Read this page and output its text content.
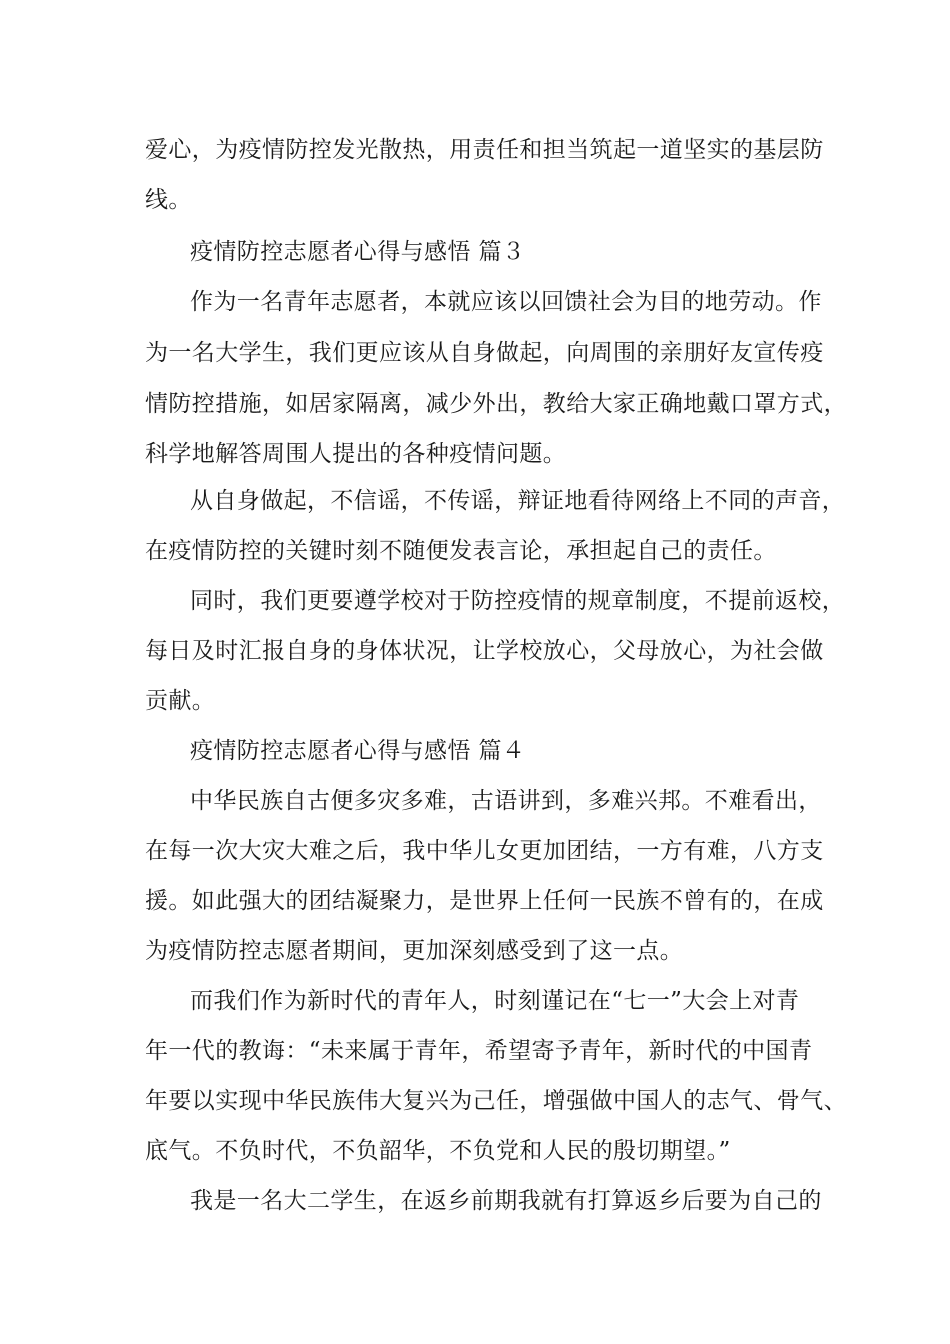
爱心，为疫情防控发光散热，用责任和担当筑起一道坚实的基层防
线。
疫情防控志愿者心得与感悟 篇３
作为一名青年志愿者，本就应该以回馈社会为目的地劳动。作
为一名大学生，我们更应该从自身做起，向周围的亲朋好友宣传疫
情防控措施，如居家隔离，减少外出，教给大家正确地戴口罩方式，
科学地解答周围人提出的各种疫情问题。
从自身做起，不信谣，不传谣，辩证地看待网络上不同的声音，
在疫情防控的关键时刻不随便发表言论，承担起自己的责任。
同时，我们更要遵学校对于防控疫情的规章制度，不提前返校，
每日及时汇报自身的身体状况，让学校放心，父母放心，为社会做
贡献。
疫情防控志愿者心得与感悟 篇４
中华民族自古便多灾多难，古语讲到，多难兴邦。不难看出，
在每一次大灾大难之后，我中华儿女更加团结，一方有难，八方支
援。如此强大的团结凝聚力，是世界上任何一民族不曾有的，在成
为疫情防控志愿者期间，更加深刻感受到了这一点。
而我们作为新时代的青年人，时刻谨记在“七一”大会上对青
年一代的教诲：“未来属于青年，希望寄予青年，新时代的中国青
年要以实现中华民族伟大复兴为己任，增强做中国人的志气、骨气、
底气。不负时代，不负韶华，不负党和人民的殷切期望。”
我是一名大二学生，在返乡前期我就有打算返乡后要为自己的
